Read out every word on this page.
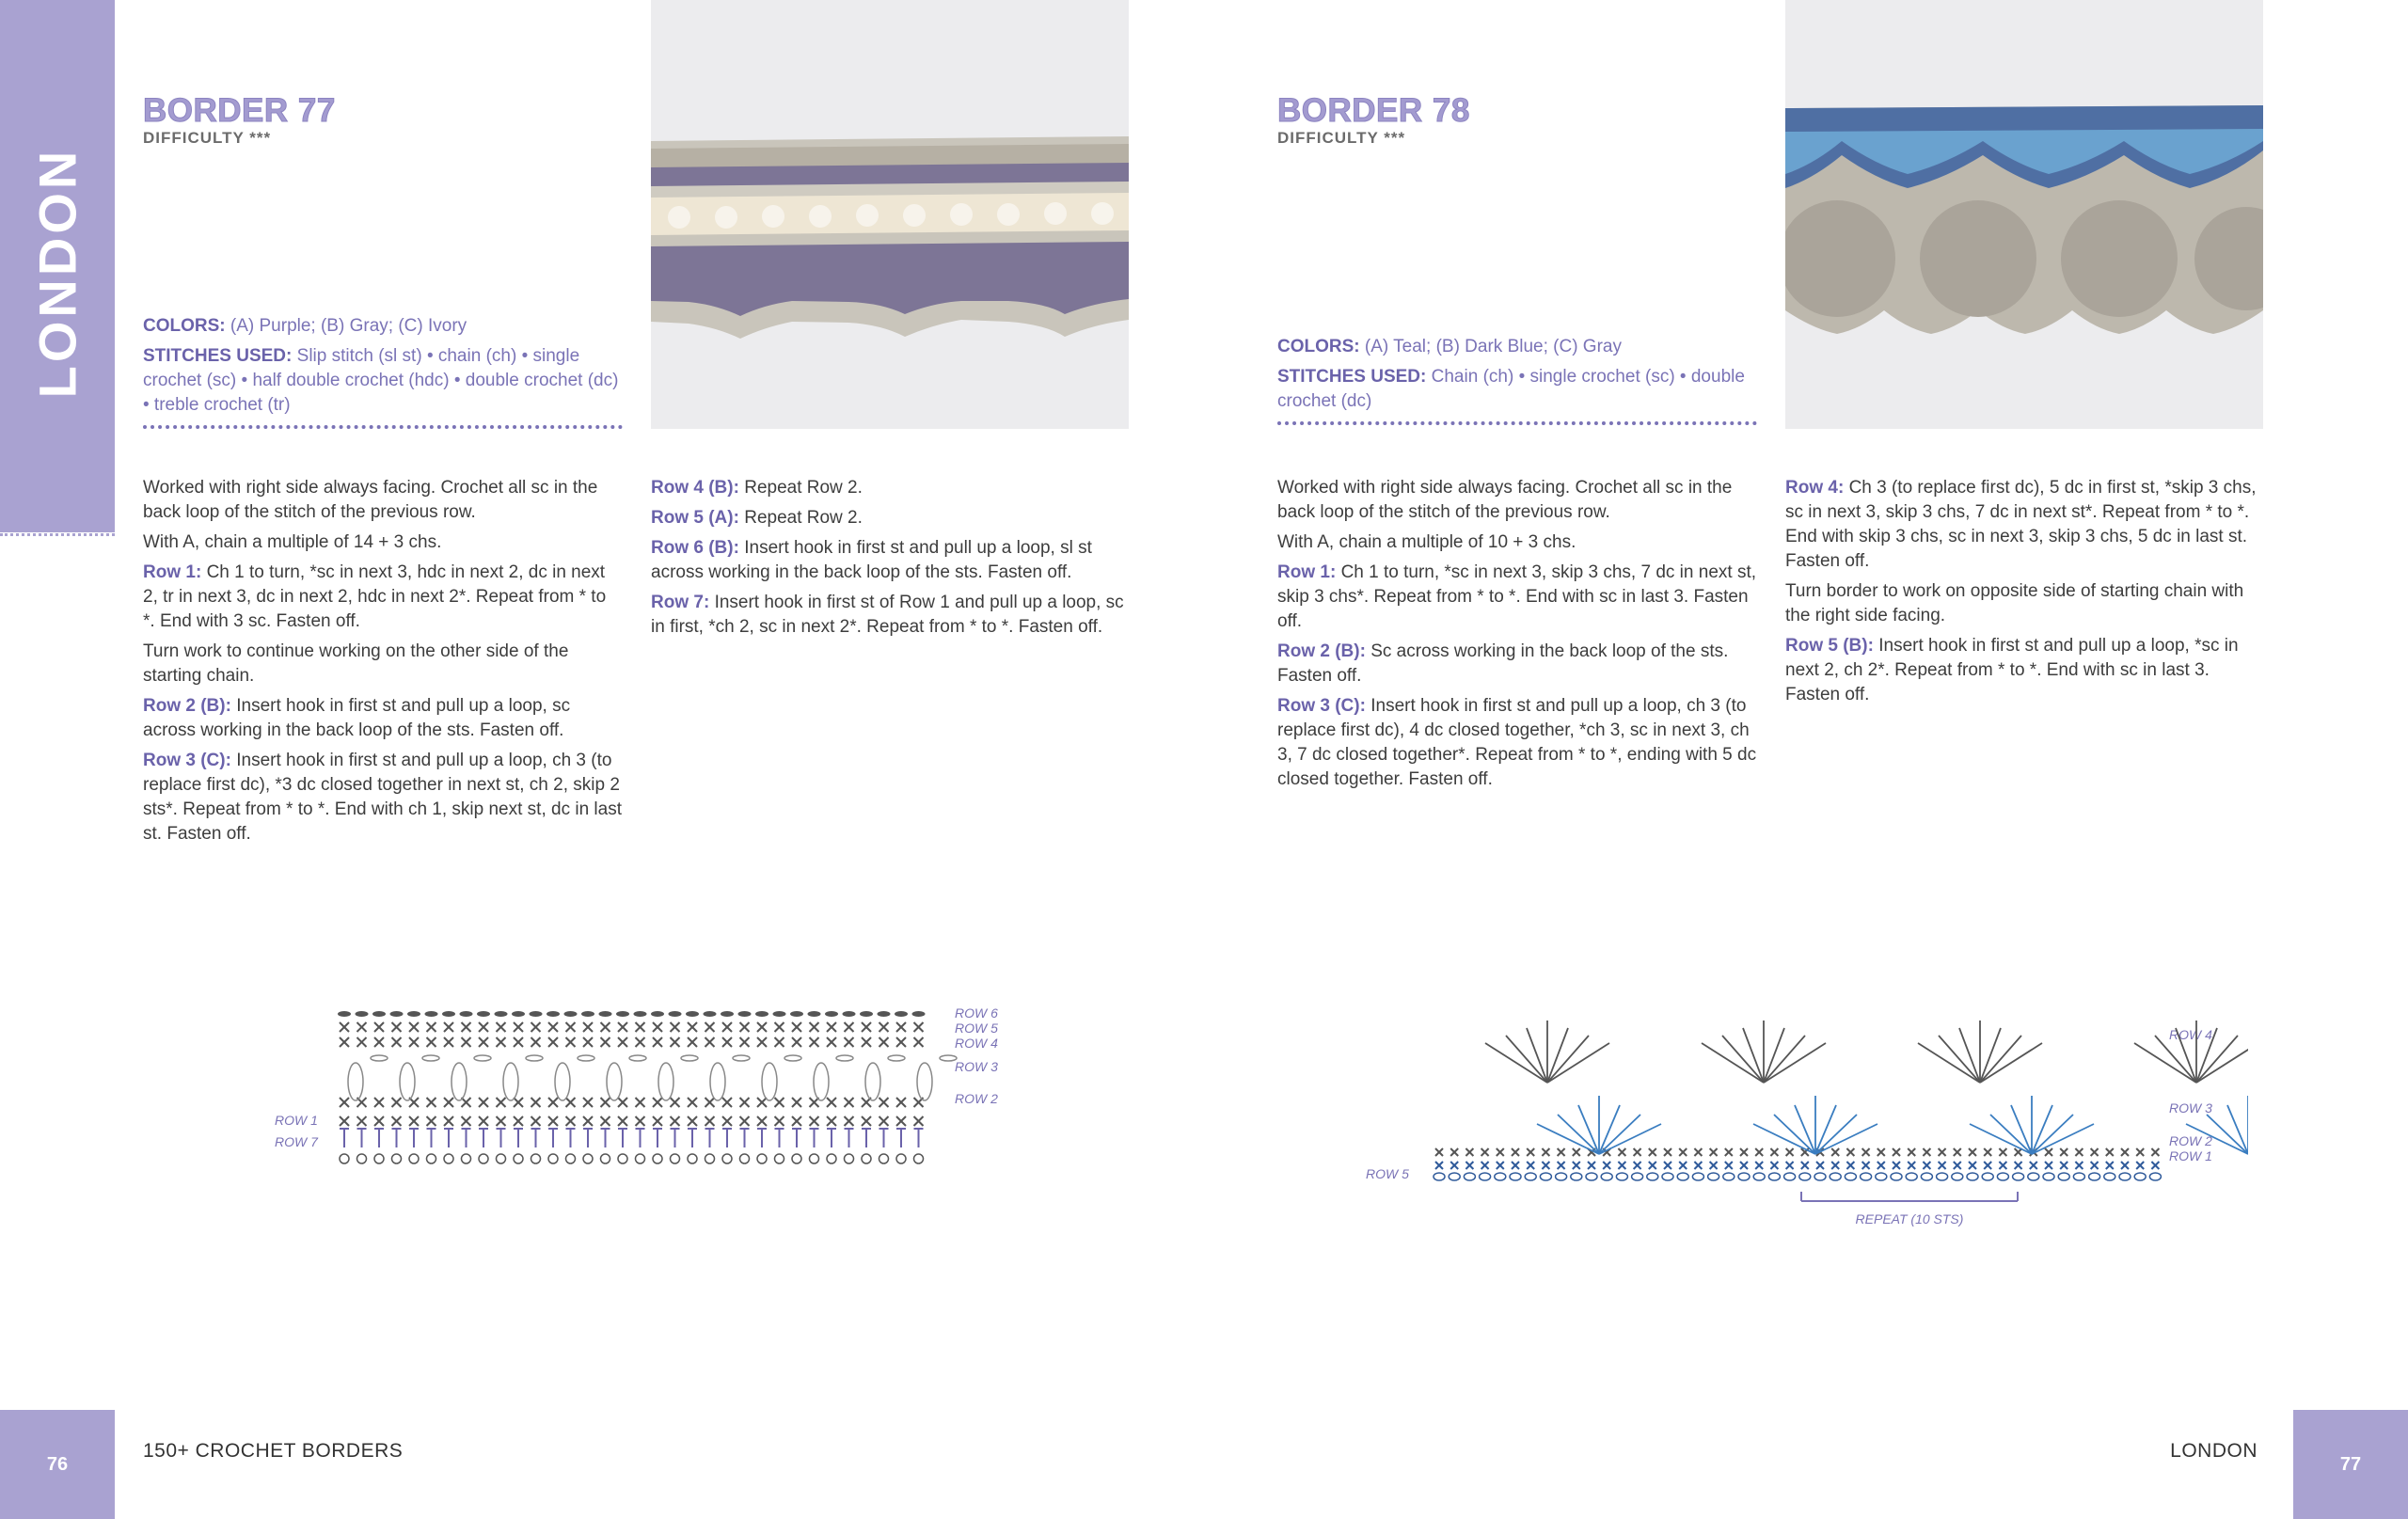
LONDON
BORDER 77
DIFFICULTY ***
COLORS: (A) Purple; (B) Gray; (C) Ivory
STITCHES USED: Slip stitch (sl st) • chain (ch) • single crochet (sc) • half double crochet (hdc) • double crochet (dc) • treble crochet (tr)

Worked with right side always facing. Crochet all sc in the back loop of the stitch of the previous row.

With A, chain a multiple of 14 + 3 chs.

Row 1: Ch 1 to turn, *sc in next 3, hdc in next 2, dc in next 2, tr in next 3, dc in next 2, hdc in next 2*. Repeat from * to *. End with 3 sc. Fasten off.

Turn work to continue working on the other side of the starting chain.

Row 2 (B): Insert hook in first st and pull up a loop, sc across working in the back loop of the sts. Fasten off.

Row 3 (C): Insert hook in first st and pull up a loop, ch 3 (to replace first dc), *3 dc closed together in next st, ch 2, skip 2 sts*. Repeat from * to *. End with ch 1, skip next st, dc in last st. Fasten off.

Row 4 (B): Repeat Row 2.

Row 5 (A): Repeat Row 2.

Row 6 (B): Insert hook in first st and pull up a loop, sl st across working in the back loop of the sts. Fasten off.

Row 7: Insert hook in first st of Row 1 and pull up a loop, sc in first, *ch 2, sc in next 2*. Repeat from * to *. Fasten off.

ROW 6
ROW 5
ROW 4
ROW 3
ROW 2
ROW 1
ROW 7
BORDER 78
DIFFICULTY ***
COLORS: (A) Teal; (B) Dark Blue; (C) Gray
STITCHES USED: Chain (ch) • single crochet (sc) • double crochet (dc)

Worked with right side always facing. Crochet all sc in the back loop of the stitch of the previous row.

With A, chain a multiple of 10 + 3 chs.

Row 1: Ch 1 to turn, *sc in next 3, skip 3 chs, 7 dc in next st, skip 3 chs*. Repeat from * to *. End with sc in last 3. Fasten off.

Row 2 (B): Sc across working in the back loop of the sts. Fasten off.

Row 3 (C): Insert hook in first st and pull up a loop, ch 3 (to replace first dc), 4 dc closed together, *ch 3, sc in next 3, ch 3, 7 dc closed together*. Repeat from * to *, ending with 5 dc closed together. Fasten off.

Row 4: Ch 3 (to replace first dc), 5 dc in first st, *skip 3 chs, sc in next 3, skip 3 chs, 7 dc in next st*. Repeat from * to *. End with skip 3 chs, sc in next 3, skip 3 chs, 5 dc in last st. Fasten off.

Turn border to work on opposite side of starting chain with the right side facing.

Row 5 (B): Insert hook in first st and pull up a loop, *sc in next 2, ch 2*. Repeat from * to *. End with sc in last 3. Fasten off.

ROW 4
ROW 3
ROW 2
ROW 1
ROW 5
REPEAT (10 STS)
76
150+ CROCHET BORDERS	LONDON
77
